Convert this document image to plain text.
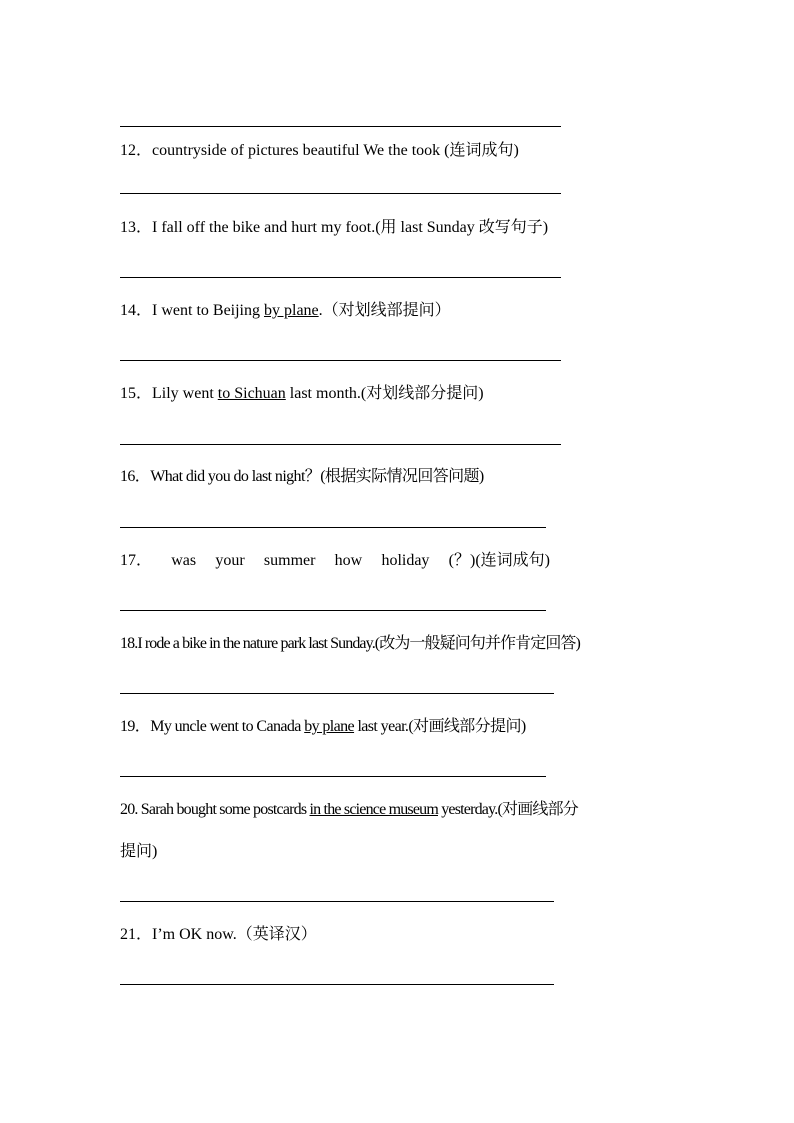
12．countryside of pictures beautiful We the took (连词成句)
13．I fall off the bike and hurt my foot.(用 last Sunday 改写句子)
14．I went to Beijing by plane.（对划线部提问）
15．Lily went to Sichuan last month.(对划线部分提问)
16．What did you do last night？(根据实际情况回答问题)
17． was your summer how holiday (？)(连词成句)
18.I rode a bike in the nature park last Sunday.(改为一般疑问句并作肯定回答)
19．My uncle went to Canada by plane last year.(对画线部分提问)
20. Sarah bought some postcards in the science museum yesterday.(对画线部分
提问)
21．I’m OK now.（英译汉）
